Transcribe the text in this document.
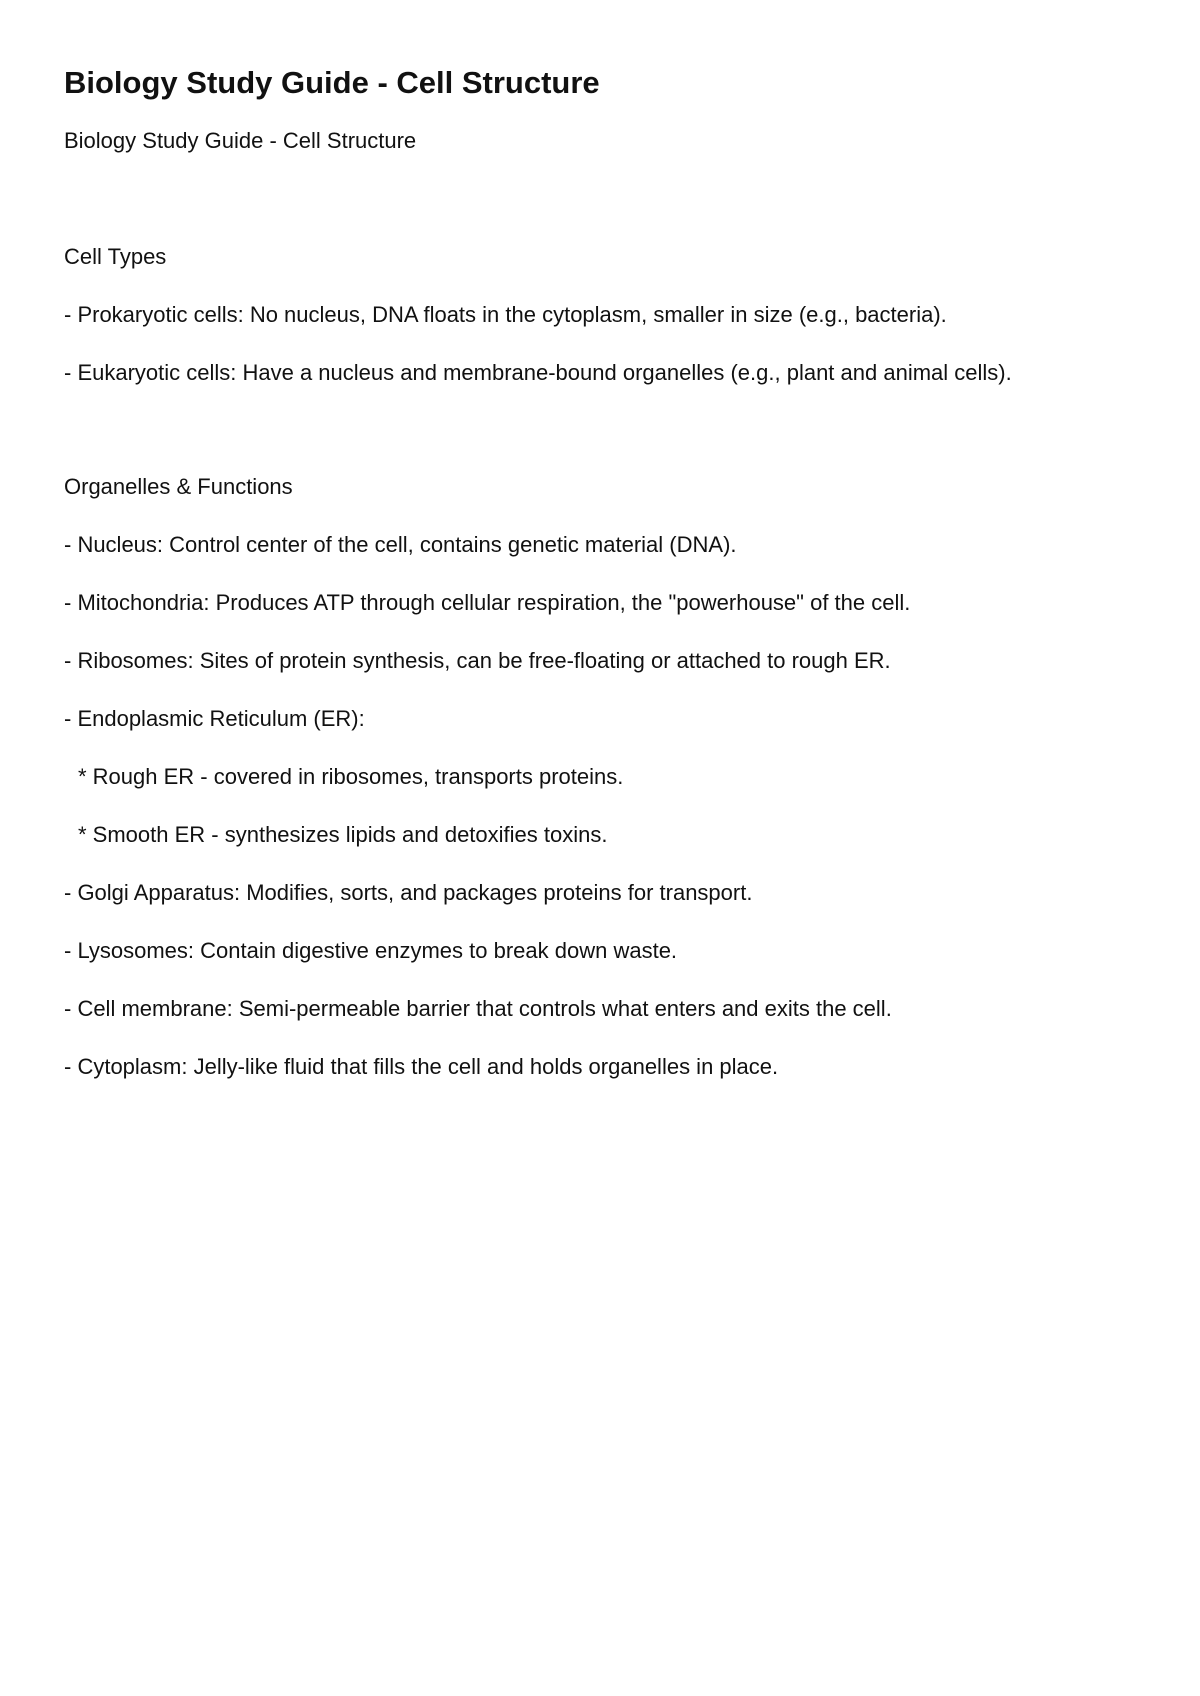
Biology Study Guide - Cell Structure

Biology Study Guide - Cell Structure

Cell Types

- Prokaryotic cells: No nucleus, DNA floats in the cytoplasm, smaller in size (e.g., bacteria).

- Eukaryotic cells: Have a nucleus and membrane-bound organelles (e.g., plant and animal cells).

Organelles & Functions

- Nucleus: Control center of the cell, contains genetic material (DNA).

- Mitochondria: Produces ATP through cellular respiration, the "powerhouse" of the cell.

- Ribosomes: Sites of protein synthesis, can be free-floating or attached to rough ER.

- Endoplasmic Reticulum (ER):

* Rough ER - covered in ribosomes, transports proteins.

* Smooth ER - synthesizes lipids and detoxifies toxins.

- Golgi Apparatus: Modifies, sorts, and packages proteins for transport.

- Lysosomes: Contain digestive enzymes to break down waste.

- Cell membrane: Semi-permeable barrier that controls what enters and exits the cell.

- Cytoplasm: Jelly-like fluid that fills the cell and holds organelles in place.
